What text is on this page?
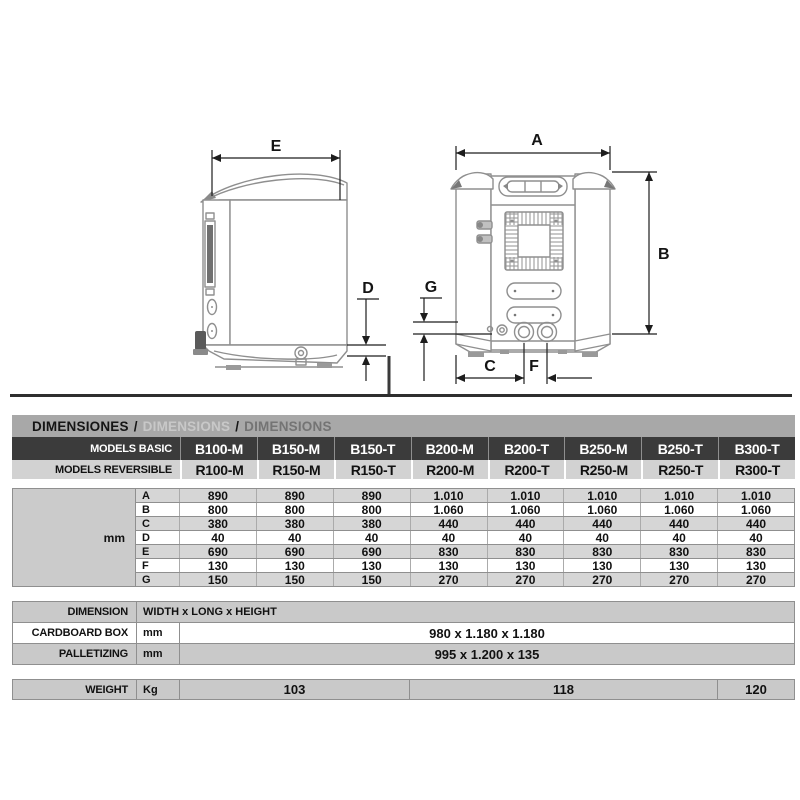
E
D
A
B
G
C F
DIMENSIONES / DIMENSIONS / DIMENSIONS
MODELS BASIC	B100-M	B150-M	B150-T	B200-M	B200-T	B250-M	B250-T	B300-T
MODELS REVERSIBLE	R100-M	R150-M	R150-T	R200-M	R200-T	R250-M	R250-T	R300-T
mm
A	890	890	890	1.010	1.010	1.010	1.010	1.010
B	800	800	800	1.060	1.060	1.060	1.060	1.060
C	380	380	380	440	440	440	440	440
D	40	40	40	40	40	40	40	40
E	690	690	690	830	830	830	830	830
F	130	130	130	130	130	130	130	130
G	150	150	150	270	270	270	270	270
DIMENSION	WIDTH x LONG x HEIGHT
CARDBOARD BOX	mm	980 x 1.180 x 1.180
PALLETIZING	mm	995 x 1.200 x 135
WEIGHT	Kg	103	118	120
